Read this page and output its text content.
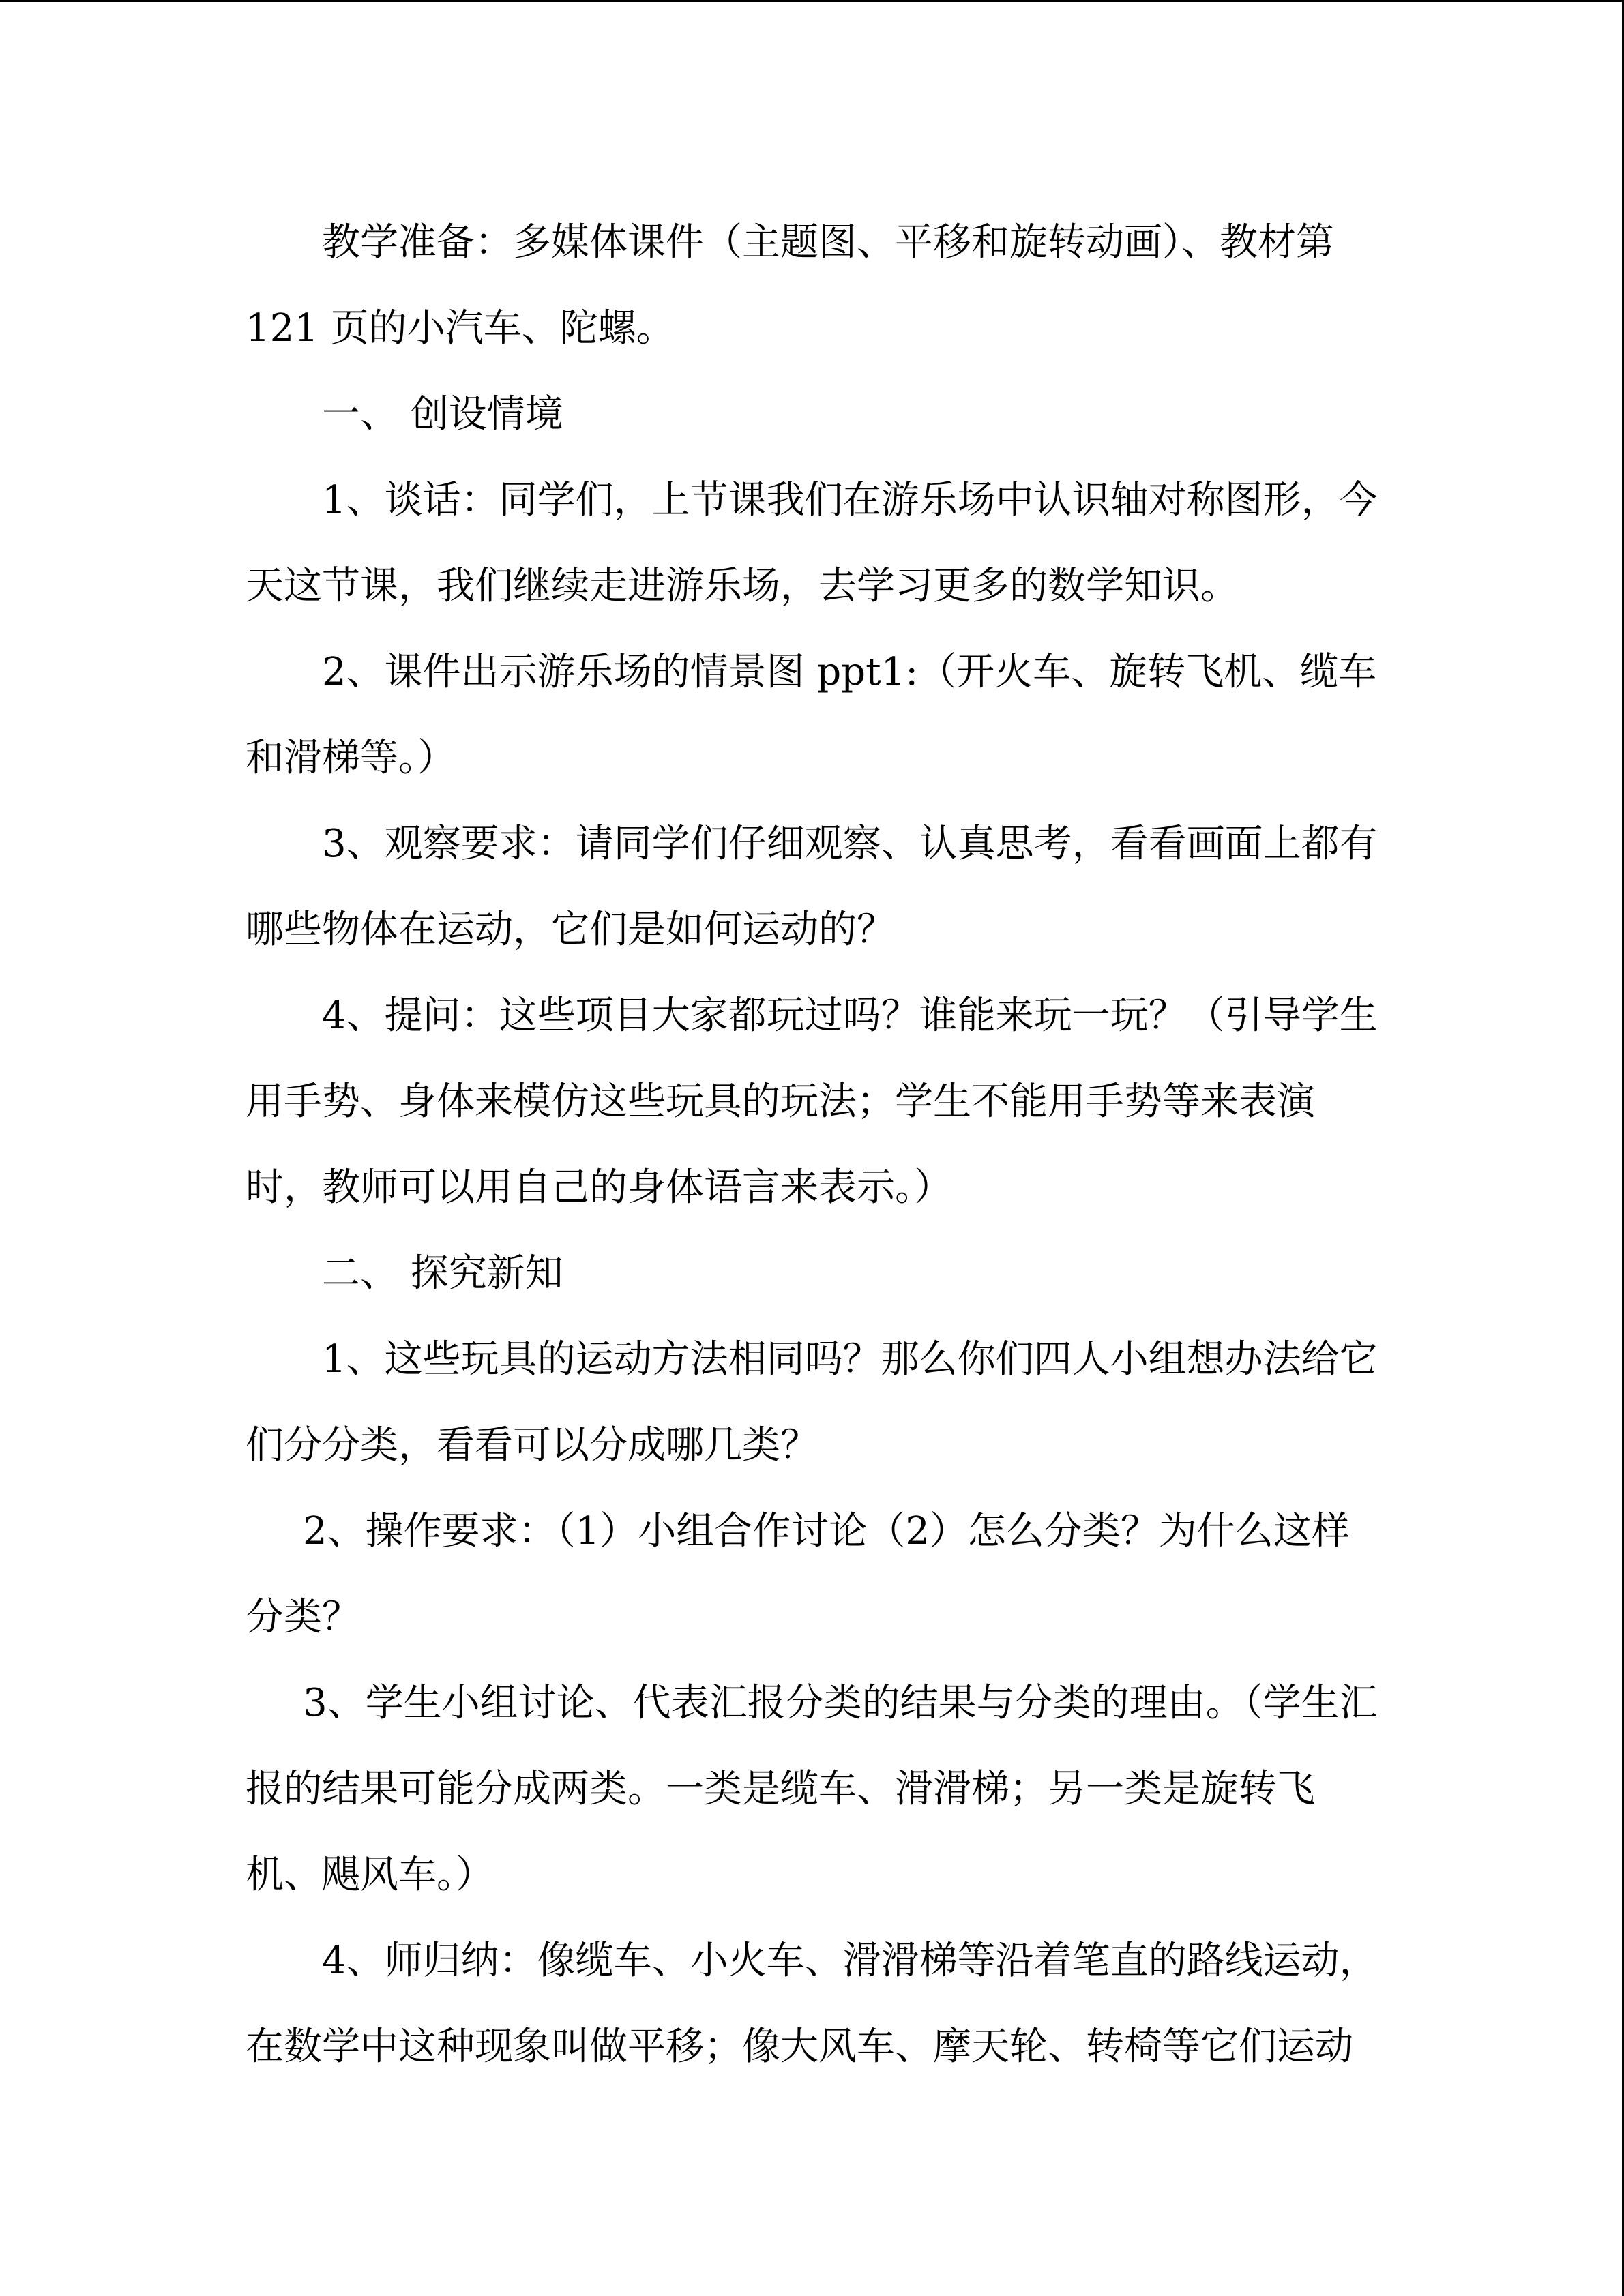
教学准备：多媒体课件（主题图、平移和旋转动画）、教材第
121 页的小汽车、陀螺。
一、 创设情境
1、谈话：同学们，上节课我们在游乐场中认识轴对称图形，今
天这节课，我们继续走进游乐场，去学习更多的数学知识。
2、课件出示游乐场的情景图 ppt1:（开火车、旋转飞机、缆车
和滑梯等。）
3、观察要求：请同学们仔细观察、认真思考，看看画面上都有
哪些物体在运动，它们是如何运动的？
4、提问：这些项目大家都玩过吗？谁能来玩一玩？（引导学生
用手势、身体来模仿这些玩具的玩法；学生不能用手势等来表演
时，教师可以用自己的身体语言来表示。）
二、 探究新知
1、这些玩具的运动方法相同吗？那么你们四人小组想办法给它
们分分类，看看可以分成哪几类？
2、操作要求：（1）小组合作讨论（2）怎么分类？为什么这样
分类？
3、学生小组讨论、代表汇报分类的结果与分类的理由。（学生汇
报的结果可能分成两类。一类是缆车、滑滑梯；另一类是旋转飞
机、飓风车。）
4、师归纳：像缆车、小火车、滑滑梯等沿着笔直的路线运动，
在数学中这种现象叫做平移；像大风车、摩天轮、转椅等它们运动
